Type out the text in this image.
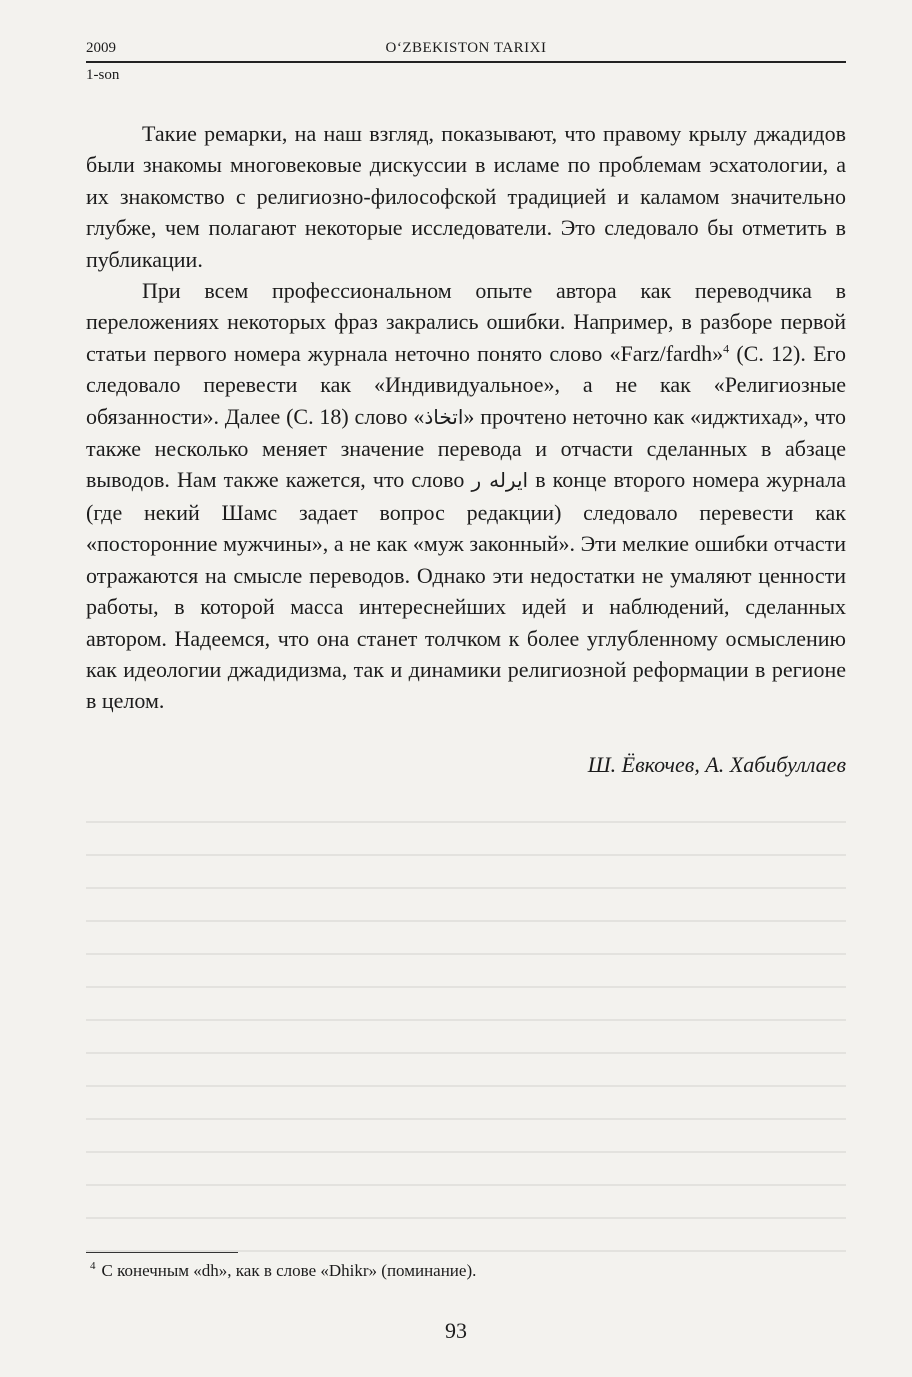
2009	O‘ZBEKISTON TARIXI
1-son

Такие ремарки, на наш взгляд, показывают, что правому крылу джадидов были знакомы многовековые дискуссии в исламе по проблемам эсхатологии, а их знакомство с религиозно-философской традицией и каламом значительно глубже, чем полагают некоторые исследователи. Это следовало бы отметить в публикации.

При всем профессиональном опыте автора как переводчика в переложениях некоторых фраз закрались ошибки. Например, в разборе первой статьи первого номера журнала неточно понято слово «Farz/fardh»$^4$ (С. 12). Его следовало перевести как «Индивидуальное», а не как «Религиозные обязанности». Далее (С. 18) слово «اتخاذ» прочтено неточно как «иджтихад», что также несколько меняет значение перевода и отчасти сделанных в абзаце выводов. Нам также кажется, что слово ایرله ر в конце второго номера журнала (где некий Шамс задает вопрос редакции) следовало перевести как «посторонние мужчины», а не как «муж законный». Эти мелкие ошибки отчасти отражаются на смысле переводов. Однако эти недостатки не умаляют ценности работы, в которой масса интереснейших идей и наблюдений, сделанных автором. Надеемся, что она станет толчком к более углубленному осмыслению как идеологии джадидизма, так и динамики религиозной реформации в регионе в целом.

Ш. Ёвкочев, А. Хабибуллаев
$^4$ С конечным «dh», как в слове «Dhikr» (поминание).
93
